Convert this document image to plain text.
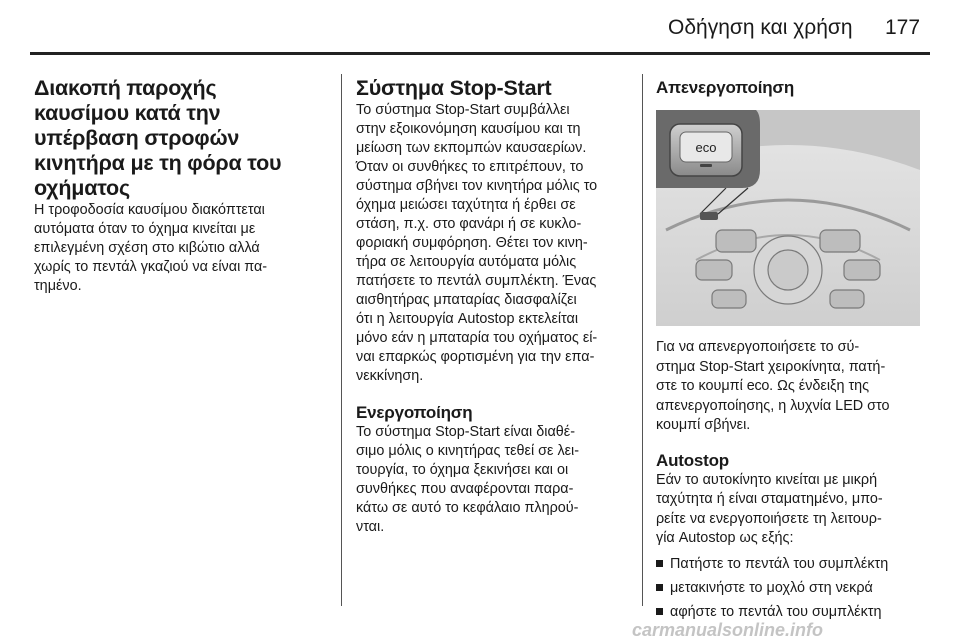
Οδήγηση και χρήση 177
Διακοπή παροχής
καυσίμου κατά την
υπέρβαση στροφών
κινητήρα με τη φόρα του
οχήματος
Η τροφοδοσία καυσίμου διακόπτεται
αυτόματα όταν το όχημα κινείται με
επιλεγμένη σχέση στο κιβώτιο αλλά
χωρίς το πεντάλ γκαζιού να είναι πα-
τημένο.
Σύστημα Stop-Start
Το σύστημα Stop-Start συμβάλλει
στην εξοικονόμηση καυσίμου και τη
μείωση των εκπομπών καυσαερίων.
Όταν οι συνθήκες το επιτρέπουν, το
σύστημα σβήνει τον κινητήρα μόλις το
όχημα μειώσει ταχύτητα ή έρθει σε
στάση, π.χ. στο φανάρι ή σε κυκλο-
φοριακή συμφόρηση. Θέτει τον κινη-
τήρα σε λειτουργία αυτόματα μόλις
πατήσετε το πεντάλ συμπλέκτη. Ένας
αισθητήρας μπαταρίας διασφαλίζει
ότι η λειτουργία Autostop εκτελείται
μόνο εάν η μπαταρία του οχήματος εί-
ναι επαρκώς φορτισμένη για την επα-
νεκκίνηση.
Ενεργοποίηση
Το σύστημα Stop-Start είναι διαθέ-
σιμο μόλις ο κινητήρας τεθεί σε λει-
τουργία, το όχημα ξεκινήσει και οι
συνθήκες που αναφέρονται παρα-
κάτω σε αυτό το κεφάλαιο πληρού-
νται.
Απενεργοποίηση
eco
Για να απενεργοποιήσετε το σύ-
στημα Stop-Start χειροκίνητα, πατή-
στε το κουμπί eco. Ως ένδειξη της
απενεργοποίησης, η λυχνία LED στο
κουμπί σβήνει.
Autostop
Εάν το αυτοκίνητο κινείται με μικρή
ταχύτητα ή είναι σταματημένο, μπο-
ρείτε να ενεργοποιήσετε τη λειτουρ-
γία Autostop ως εξής:
Πατήστε το πεντάλ του συμπλέκτη
μετακινήστε το μοχλό στη νεκρά
αφήστε το πεντάλ του συμπλέκτη
carmanualsonline.info
